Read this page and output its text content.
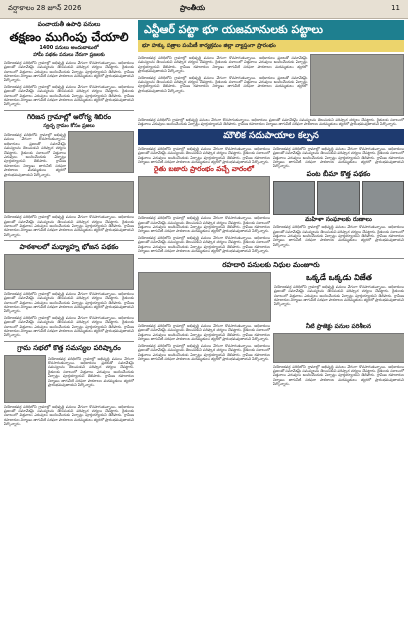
వర్షాకాలం 28 జూన్ 2026	ప్రాంతీయ	11
పంచాయతీ ఉపాధి పనులు
తక్షణం ముగింపు చేయాలి
1400 పనులు అందుబాటులో
హామీ పథకం పనులు నేరుగా ప్రజలకు
నియోజకవర్గ పరిధిలోని గ్రామాల్లో అభివృద్ధి పనులు వేగంగా కొనసాగుతున్నాయి. అధికారులు ప్రజలతో సమావేశమై సమస్యలను తెలుసుకుని పరిష్కార చర్యలు చేపట్టారు. రైతులకు సకాలంలో విత్తనాలు ఎరువులు అందించేందుకు ఏర్పాట్లు పూర్తయ్యాయని తెలిపారు. గ్రామీణ రహదారుల నిర్మాణం తాగునీటి సరఫరా పాఠశాలల మరమ్మతులు త్వరలో ప్రారంభమవుతాయని పేర్కొన్నారు.
నియోజకవర్గ పరిధిలోని గ్రామాల్లో అభివృద్ధి పనులు వేగంగా కొనసాగుతున్నాయి. అధికారులు ప్రజలతో సమావేశమై సమస్యలను తెలుసుకుని పరిష్కార చర్యలు చేపట్టారు. రైతులకు సకాలంలో విత్తనాలు ఎరువులు అందించేందుకు ఏర్పాట్లు పూర్తయ్యాయని తెలిపారు. గ్రామీణ రహదారుల నిర్మాణం తాగునీటి సరఫరా పాఠశాలల మరమ్మతులు త్వరలో ప్రారంభమవుతాయని పేర్కొన్నారు.
గిరిజన గ్రామాల్లో ఆరోగ్య శిబిరం
స్వచ్ఛ గ్రామం కోసం ప్రజలు
నియోజకవర్గ పరిధిలోని గ్రామాల్లో అభివృద్ధి పనులు వేగంగా కొనసాగుతున్నాయి. అధికారులు ప్రజలతో సమావేశమై సమస్యలను తెలుసుకుని పరిష్కార చర్యలు చేపట్టారు. రైతులకు సకాలంలో విత్తనాలు ఎరువులు అందించేందుకు ఏర్పాట్లు పూర్తయ్యాయని తెలిపారు. గ్రామీణ రహదారుల నిర్మాణం తాగునీటి సరఫరా పాఠశాలల మరమ్మతులు త్వరలో ప్రారంభమవుతాయని పేర్కొన్నారు.
నియోజకవర్గ పరిధిలోని గ్రామాల్లో అభివృద్ధి పనులు వేగంగా కొనసాగుతున్నాయి. అధికారులు ప్రజలతో సమావేశమై సమస్యలను తెలుసుకుని పరిష్కార చర్యలు చేపట్టారు. రైతులకు సకాలంలో విత్తనాలు ఎరువులు అందించేందుకు ఏర్పాట్లు పూర్తయ్యాయని తెలిపారు. గ్రామీణ రహదారుల నిర్మాణం తాగునీటి సరఫరా పాఠశాలల మరమ్మతులు త్వరలో ప్రారంభమవుతాయని పేర్కొన్నారు.
పాఠశాలలో మధ్యాహ్న భోజన పథకం
నియోజకవర్గ పరిధిలోని గ్రామాల్లో అభివృద్ధి పనులు వేగంగా కొనసాగుతున్నాయి. అధికారులు ప్రజలతో సమావేశమై సమస్యలను తెలుసుకుని పరిష్కార చర్యలు చేపట్టారు. రైతులకు సకాలంలో విత్తనాలు ఎరువులు అందించేందుకు ఏర్పాట్లు పూర్తయ్యాయని తెలిపారు. గ్రామీణ రహదారుల నిర్మాణం తాగునీటి సరఫరా పాఠశాలల మరమ్మతులు త్వరలో ప్రారంభమవుతాయని పేర్కొన్నారు.
నియోజకవర్గ పరిధిలోని గ్రామాల్లో అభివృద్ధి పనులు వేగంగా కొనసాగుతున్నాయి. అధికారులు ప్రజలతో సమావేశమై సమస్యలను తెలుసుకుని పరిష్కార చర్యలు చేపట్టారు. రైతులకు సకాలంలో విత్తనాలు ఎరువులు అందించేందుకు ఏర్పాట్లు పూర్తయ్యాయని తెలిపారు. గ్రామీణ రహదారుల నిర్మాణం తాగునీటి సరఫరా పాఠశాలల మరమ్మతులు త్వరలో ప్రారంభమవుతాయని పేర్కొన్నారు.
గ్రామ సభలో కొత్త సమస్యల పరిష్కారం
నియోజకవర్గ పరిధిలోని గ్రామాల్లో అభివృద్ధి పనులు వేగంగా కొనసాగుతున్నాయి. అధికారులు ప్రజలతో సమావేశమై సమస్యలను తెలుసుకుని పరిష్కార చర్యలు చేపట్టారు. రైతులకు సకాలంలో విత్తనాలు ఎరువులు అందించేందుకు ఏర్పాట్లు పూర్తయ్యాయని తెలిపారు. గ్రామీణ రహదారుల నిర్మాణం తాగునీటి సరఫరా పాఠశాలల మరమ్మతులు త్వరలో ప్రారంభమవుతాయని పేర్కొన్నారు.
నియోజకవర్గ పరిధిలోని గ్రామాల్లో అభివృద్ధి పనులు వేగంగా కొనసాగుతున్నాయి. అధికారులు ప్రజలతో సమావేశమై సమస్యలను తెలుసుకుని పరిష్కార చర్యలు చేపట్టారు. రైతులకు సకాలంలో విత్తనాలు ఎరువులు అందించేందుకు ఏర్పాట్లు పూర్తయ్యాయని తెలిపారు. గ్రామీణ రహదారుల నిర్మాణం తాగునీటి సరఫరా పాఠశాలల మరమ్మతులు త్వరలో ప్రారంభమవుతాయని పేర్కొన్నారు.
ఎన్టీఆర్ పట్టా భూ యజమానులకు పట్టాలు
భూ హక్కు పత్రాల పంపిణీ కార్యక్రమం జిల్లా వ్యాప్తంగా ప్రారంభం
నియోజకవర్గ పరిధిలోని గ్రామాల్లో అభివృద్ధి పనులు వేగంగా కొనసాగుతున్నాయి. అధికారులు ప్రజలతో సమావేశమై సమస్యలను తెలుసుకుని పరిష్కార చర్యలు చేపట్టారు. రైతులకు సకాలంలో విత్తనాలు ఎరువులు అందించేందుకు ఏర్పాట్లు పూర్తయ్యాయని తెలిపారు. గ్రామీణ రహదారుల నిర్మాణం తాగునీటి సరఫరా పాఠశాలల మరమ్మతులు త్వరలో ప్రారంభమవుతాయని పేర్కొన్నారు.
నియోజకవర్గ పరిధిలోని గ్రామాల్లో అభివృద్ధి పనులు వేగంగా కొనసాగుతున్నాయి. అధికారులు ప్రజలతో సమావేశమై సమస్యలను తెలుసుకుని పరిష్కార చర్యలు చేపట్టారు. రైతులకు సకాలంలో విత్తనాలు ఎరువులు అందించేందుకు ఏర్పాట్లు పూర్తయ్యాయని తెలిపారు. గ్రామీణ రహదారుల నిర్మాణం తాగునీటి సరఫరా పాఠశాలల మరమ్మతులు త్వరలో ప్రారంభమవుతాయని పేర్కొన్నారు.
నియోజకవర్గ పరిధిలోని గ్రామాల్లో అభివృద్ధి పనులు వేగంగా కొనసాగుతున్నాయి. అధికారులు ప్రజలతో సమావేశమై సమస్యలను తెలుసుకుని పరిష్కార చర్యలు చేపట్టారు. రైతులకు సకాలంలో విత్తనాలు ఎరువులు అందించేందుకు ఏర్పాట్లు పూర్తయ్యాయని తెలిపారు. గ్రామీణ రహదారుల నిర్మాణం తాగునీటి సరఫరా పాఠశాలల మరమ్మతులు త్వరలో ప్రారంభమవుతాయని పేర్కొన్నారు.
మౌలిక సదుపాయాల కల్పన
నియోజకవర్గ పరిధిలోని గ్రామాల్లో అభివృద్ధి పనులు వేగంగా కొనసాగుతున్నాయి. అధికారులు ప్రజలతో సమావేశమై సమస్యలను తెలుసుకుని పరిష్కార చర్యలు చేపట్టారు. రైతులకు సకాలంలో విత్తనాలు ఎరువులు అందించేందుకు ఏర్పాట్లు పూర్తయ్యాయని తెలిపారు. గ్రామీణ రహదారుల నిర్మాణం తాగునీటి సరఫరా పాఠశాలల మరమ్మతులు త్వరలో ప్రారంభమవుతాయని పేర్కొన్నారు.
రైతు బజారు ప్రారంభం వచ్చే వారంలో
నియోజకవర్గ పరిధిలోని గ్రామాల్లో అభివృద్ధి పనులు వేగంగా కొనసాగుతున్నాయి. అధికారులు ప్రజలతో సమావేశమై సమస్యలను తెలుసుకుని పరిష్కార చర్యలు చేపట్టారు. రైతులకు సకాలంలో విత్తనాలు ఎరువులు అందించేందుకు ఏర్పాట్లు పూర్తయ్యాయని తెలిపారు. గ్రామీణ రహదారుల నిర్మాణం తాగునీటి సరఫరా పాఠశాలల మరమ్మతులు త్వరలో ప్రారంభమవుతాయని పేర్కొన్నారు.
నియోజకవర్గ పరిధిలోని గ్రామాల్లో అభివృద్ధి పనులు వేగంగా కొనసాగుతున్నాయి. అధికారులు ప్రజలతో సమావేశమై సమస్యలను తెలుసుకుని పరిష్కార చర్యలు చేపట్టారు. రైతులకు సకాలంలో విత్తనాలు ఎరువులు అందించేందుకు ఏర్పాట్లు పూర్తయ్యాయని తెలిపారు. గ్రామీణ రహదారుల నిర్మాణం తాగునీటి సరఫరా పాఠశాలల మరమ్మతులు త్వరలో ప్రారంభమవుతాయని పేర్కొన్నారు.
నియోజకవర్గ పరిధిలోని గ్రామాల్లో అభివృద్ధి పనులు వేగంగా కొనసాగుతున్నాయి. అధికారులు ప్రజలతో సమావేశమై సమస్యలను తెలుసుకుని పరిష్కార చర్యలు చేపట్టారు. రైతులకు సకాలంలో విత్తనాలు ఎరువులు అందించేందుకు ఏర్పాట్లు పూర్తయ్యాయని తెలిపారు. గ్రామీణ రహదారుల నిర్మాణం తాగునీటి సరఫరా పాఠశాలల మరమ్మతులు త్వరలో ప్రారంభమవుతాయని పేర్కొన్నారు.
పంట బీమా కొత్త పథకం
మహిళా సంఘాలకు రుణాలు
నియోజకవర్గ పరిధిలోని గ్రామాల్లో అభివృద్ధి పనులు వేగంగా కొనసాగుతున్నాయి. అధికారులు ప్రజలతో సమావేశమై సమస్యలను తెలుసుకుని పరిష్కార చర్యలు చేపట్టారు. రైతులకు సకాలంలో విత్తనాలు ఎరువులు అందించేందుకు ఏర్పాట్లు పూర్తయ్యాయని తెలిపారు. గ్రామీణ రహదారుల నిర్మాణం తాగునీటి సరఫరా పాఠశాలల మరమ్మతులు త్వరలో ప్రారంభమవుతాయని పేర్కొన్నారు.
రహదారి పనులకు నిధుల మంజూరు
ఒక్కడే ఒక్కడు విజేత
నియోజకవర్గ పరిధిలోని గ్రామాల్లో అభివృద్ధి పనులు వేగంగా కొనసాగుతున్నాయి. అధికారులు ప్రజలతో సమావేశమై సమస్యలను తెలుసుకుని పరిష్కార చర్యలు చేపట్టారు. రైతులకు సకాలంలో విత్తనాలు ఎరువులు అందించేందుకు ఏర్పాట్లు పూర్తయ్యాయని తెలిపారు. గ్రామీణ రహదారుల నిర్మాణం తాగునీటి సరఫరా పాఠశాలల మరమ్మతులు త్వరలో ప్రారంభమవుతాయని పేర్కొన్నారు.
నియోజకవర్గ పరిధిలోని గ్రామాల్లో అభివృద్ధి పనులు వేగంగా కొనసాగుతున్నాయి. అధికారులు ప్రజలతో సమావేశమై సమస్యలను తెలుసుకుని పరిష్కార చర్యలు చేపట్టారు. రైతులకు సకాలంలో విత్తనాలు ఎరువులు అందించేందుకు ఏర్పాట్లు పూర్తయ్యాయని తెలిపారు. గ్రామీణ రహదారుల నిర్మాణం తాగునీటి సరఫరా పాఠశాలల మరమ్మతులు త్వరలో ప్రారంభమవుతాయని పేర్కొన్నారు.
నియోజకవర్గ పరిధిలోని గ్రామాల్లో అభివృద్ధి పనులు వేగంగా కొనసాగుతున్నాయి. అధికారులు ప్రజలతో సమావేశమై సమస్యలను తెలుసుకుని పరిష్కార చర్యలు చేపట్టారు. రైతులకు సకాలంలో విత్తనాలు ఎరువులు అందించేందుకు ఏర్పాట్లు పూర్తయ్యాయని తెలిపారు. గ్రామీణ రహదారుల నిర్మాణం తాగునీటి సరఫరా పాఠశాలల మరమ్మతులు త్వరలో ప్రారంభమవుతాయని పేర్కొన్నారు.
నీటి ప్రాజెక్టు పనుల పరిశీలన
నియోజకవర్గ పరిధిలోని గ్రామాల్లో అభివృద్ధి పనులు వేగంగా కొనసాగుతున్నాయి. అధికారులు ప్రజలతో సమావేశమై సమస్యలను తెలుసుకుని పరిష్కార చర్యలు చేపట్టారు. రైతులకు సకాలంలో విత్తనాలు ఎరువులు అందించేందుకు ఏర్పాట్లు పూర్తయ్యాయని తెలిపారు. గ్రామీణ రహదారుల నిర్మాణం తాగునీటి సరఫరా పాఠశాలల మరమ్మతులు త్వరలో ప్రారంభమవుతాయని పేర్కొన్నారు.
